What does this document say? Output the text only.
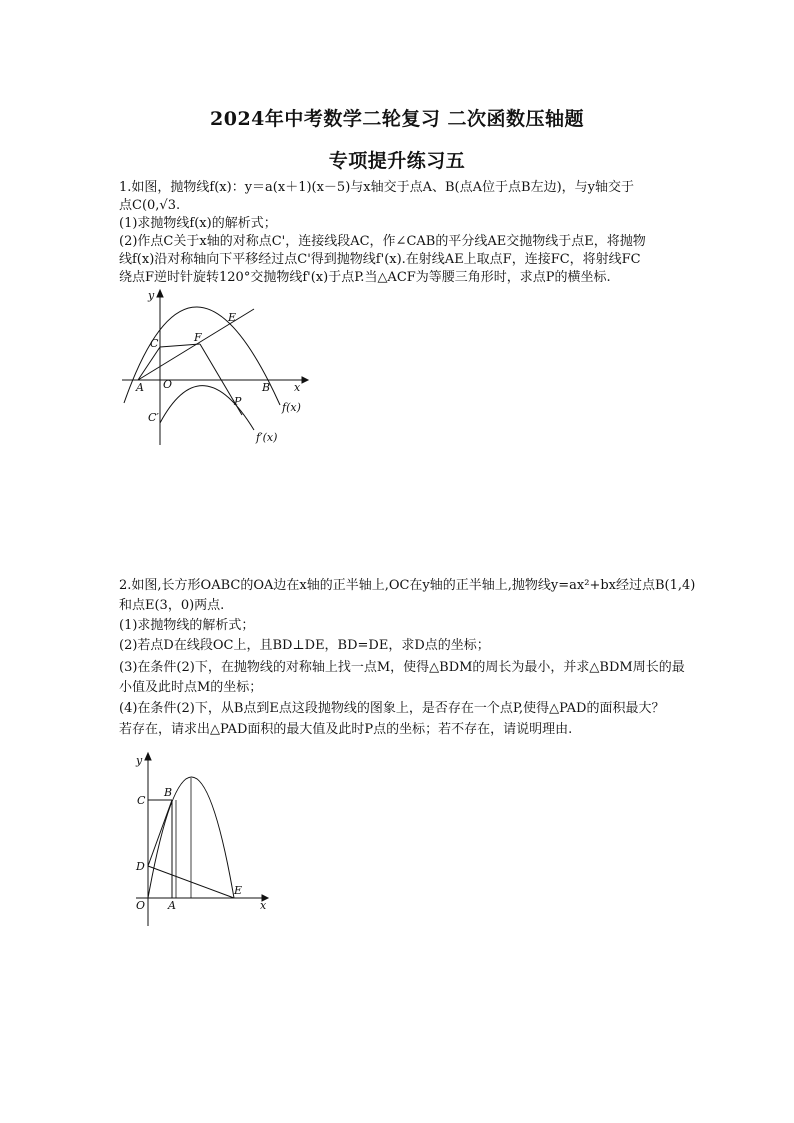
2024年中考数学二轮复习 二次函数压轴题
专项提升练习五
1.如图，抛物线f(x)：y＝a(x＋1)(x－5)与x轴交于点A、B(点A位于点B左边)，与y轴交于
点C(0,√3.
(1)求抛物线f(x)的解析式；
(2)作点C关于x轴的对称点C'，连接线段AC，作∠CAB的平分线AE交抛物线于点E，将抛物
线f(x)沿对称轴向下平移经过点C'得到抛物线f'(x).在射线AE上取点F，连接FC，将射线FC
绕点F逆时针旋转120°交抛物线f'(x)于点P.当△ACF为等腰三角形时，求点P的横坐标.
y
E
C	F
A O	B x
P	f(x)
C′
f′(x)
2.如图,长方形OABC的OA边在x轴的正半轴上,OC在y轴的正半轴上,抛物线y=ax²+bx经过点B(1,4)
和点E(3，0)两点.
(1)求抛物线的解析式；
(2)若点D在线段OC上，且BD⊥DE，BD=DE，求D点的坐标；
(3)在条件(2)下，在抛物线的对称轴上找一点M，使得△BDM的周长为最小，并求△BDM周长的最
小值及此时点M的坐标；
(4)在条件(2)下，从B点到E点这段抛物线的图象上，是否存在一个点P,使得△PAD的面积最大？
若存在，请求出△PAD面积的最大值及此时P点的坐标；若不存在，请说明理由.
y
C
B
D
O A
E
x
